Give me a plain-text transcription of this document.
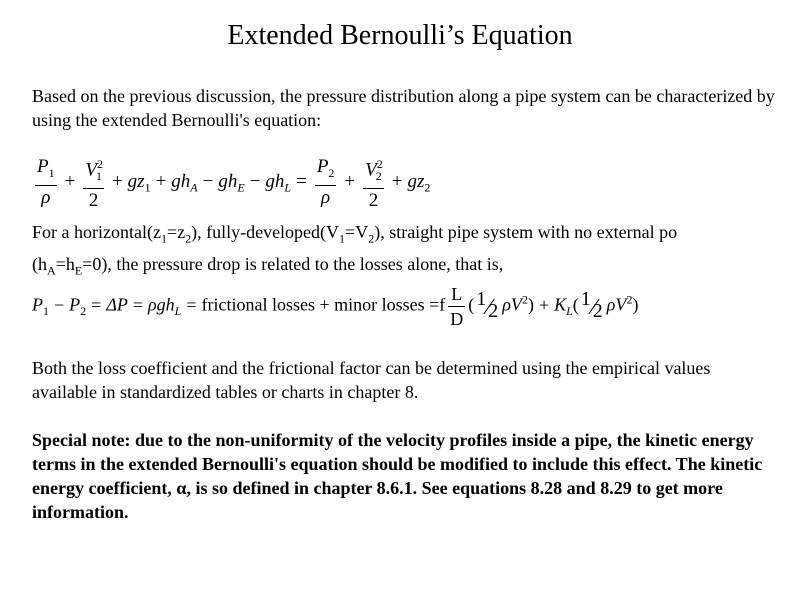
Extended Bernoulli’s Equation
Based on the previous discussion, the pressure distribution along a pipe system can be characterized by using the extended Bernoulli's equation:
$\frac{P_1}{\rho} + \frac{V^2_1}{2} + gz_1 + gh_A - gh_E - gh_L = \frac{P_2}{\rho} + \frac{V^2_2}{2} + gz_2$
For a $horizontal(z_1=z_2)$, fully-$developed(V_1=V_2)$, straight pipe system with no external po
$(h_A=h_E=0)$, the pressure drop is related to the losses alone, that is,
$P_1 - P_2 = \Delta P = \rho gh_L$ = frictional losses + minor losses $=f \frac{L}{D}$ ( 1
2 $\rho V^2) + K_L$( 1
2 $\rho V^2$)
Both the loss coefficient and the frictional factor can be determined using the empirical values available in standardized tables or charts in chapter 8.
Special note: due to the non-uniformity of the velocity profiles inside a pipe, the kinetic energy terms in the extended Bernoulli's equation should be modified to include this effect. The kinetic energy coefficient, α, is so defined in chapter 8.6.1. See equations 8.28 and 8.29 to get more information.
